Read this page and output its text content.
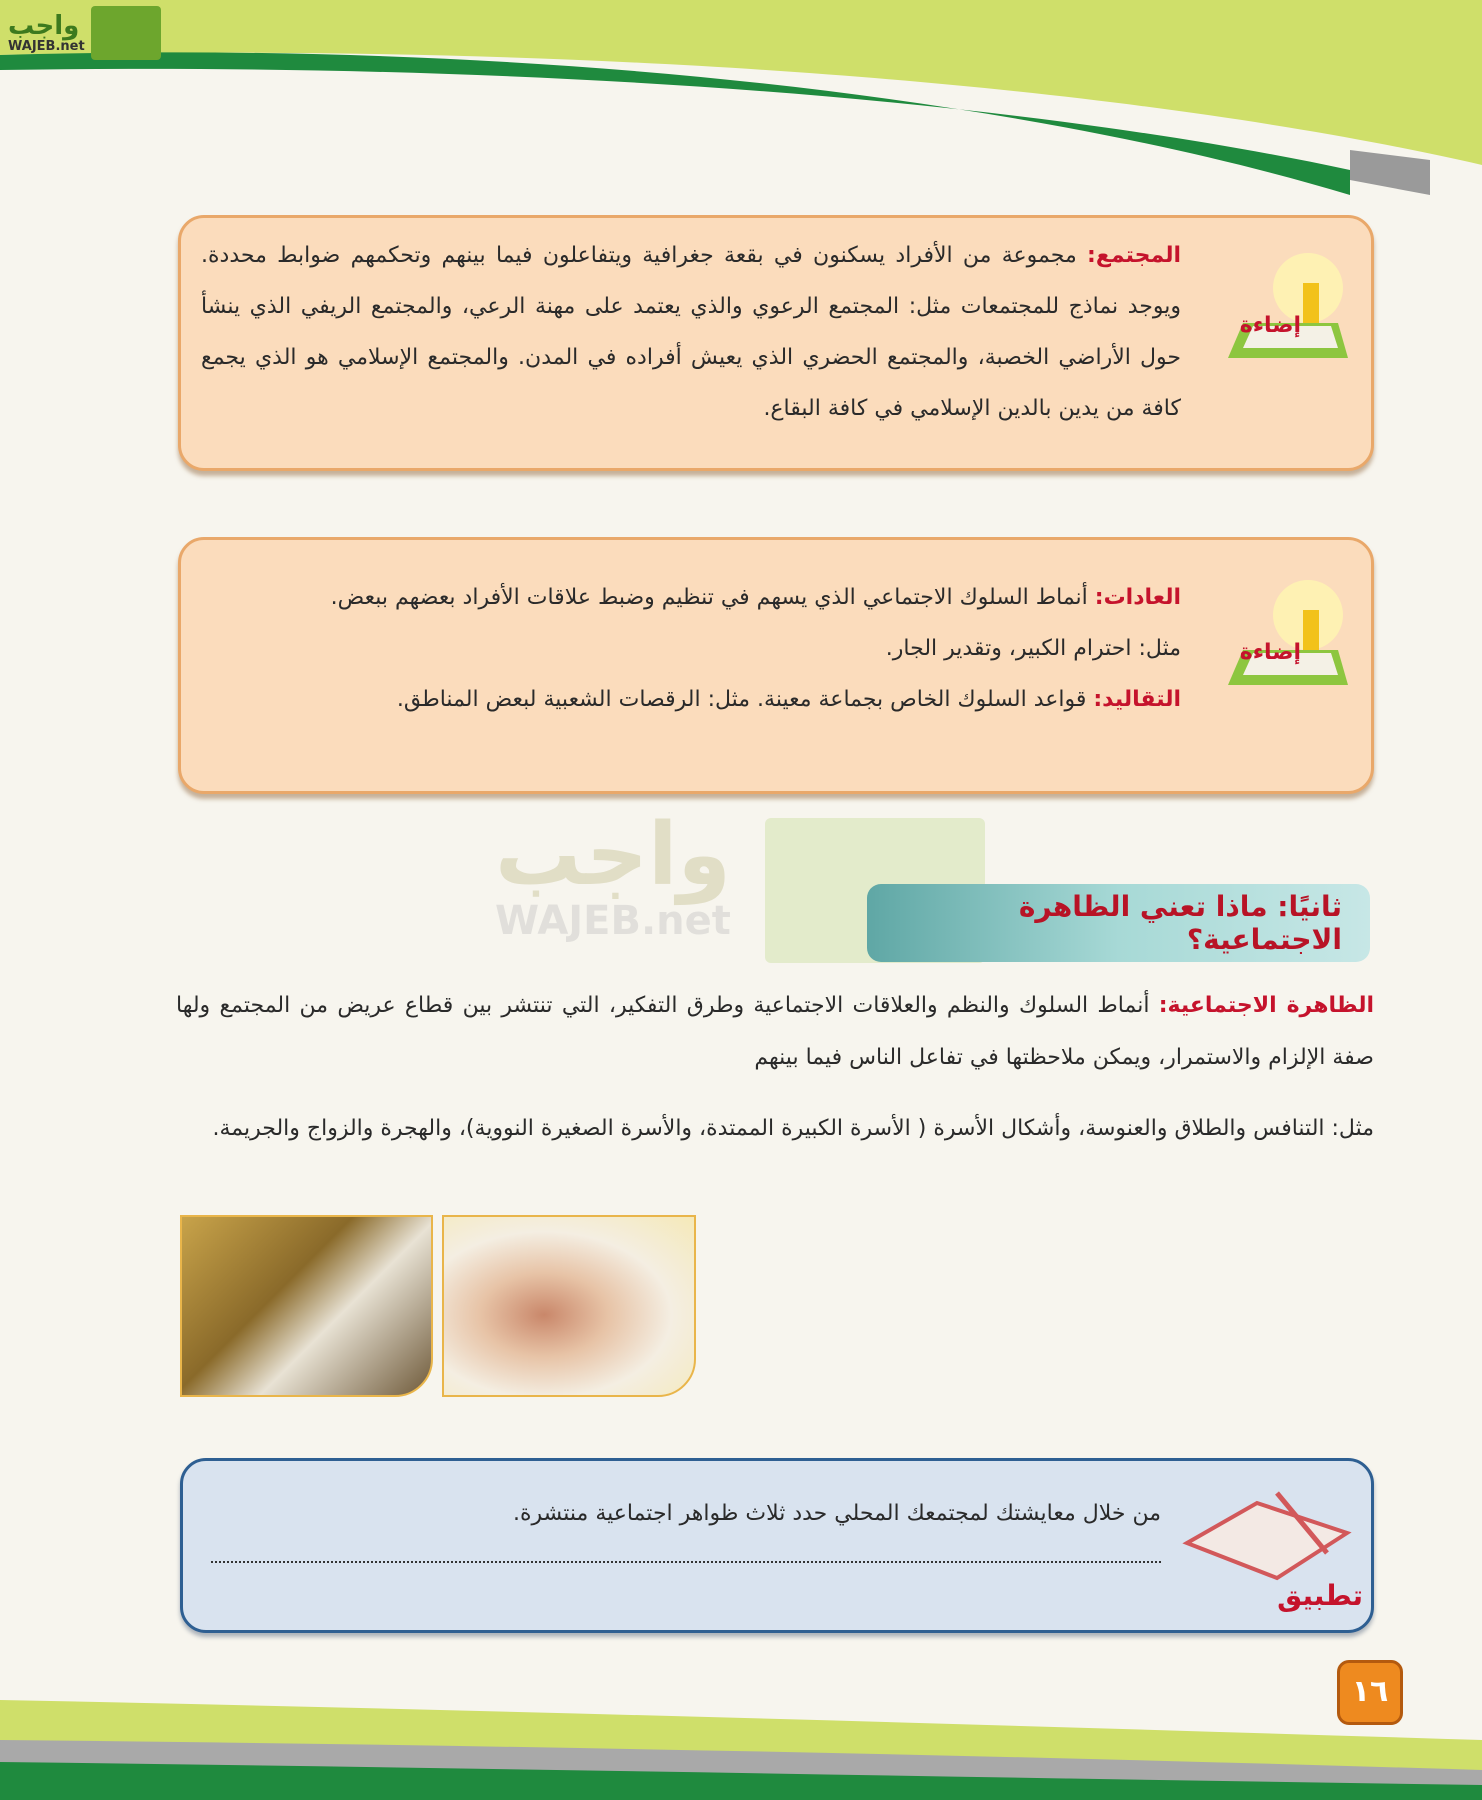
واجب
WAJEB.net
إضاءة
المجتمع: مجموعة من الأفراد يسكنون في بقعة جغرافية ويتفاعلون فيما بينهم وتحكمهم ضوابط محددة. ويوجد نماذج للمجتمعات مثل: المجتمع الرعوي والذي يعتمد على مهنة الرعي، والمجتمع الريفي الذي ينشأ حول الأراضي الخصبة، والمجتمع الحضري الذي يعيش أفراده في المدن. والمجتمع الإسلامي هو الذي يجمع كافة من يدين بالدين الإسلامي في كافة البقاع.
إضاءة
العادات: أنماط السلوك الاجتماعي الذي يسهم في تنظيم وضبط علاقات الأفراد بعضهم ببعض.
مثل: احترام الكبير، وتقدير الجار.
التقاليد: قواعد السلوك الخاص بجماعة معينة. مثل: الرقصات الشعبية لبعض المناطق.
واجب
WAJEB.net	ثانيًا: ماذا تعني الظاهرة الاجتماعية؟
الظاهرة الاجتماعية: أنماط السلوك والنظم والعلاقات الاجتماعية وطرق التفكير، التي تنتشر بين قطاع عريض من المجتمع ولها صفة الإلزام والاستمرار، ويمكن ملاحظتها في تفاعل الناس فيما بينهم
مثل: التنافس والطلاق والعنوسة، وأشكال الأسرة ( الأسرة الكبيرة الممتدة، والأسرة الصغيرة النووية)، والهجرة والزواج والجريمة.
تطبيق
من خلال معايشتك لمجتمعك المحلي حدد ثلاث ظواهر اجتماعية منتشرة.
١٦
